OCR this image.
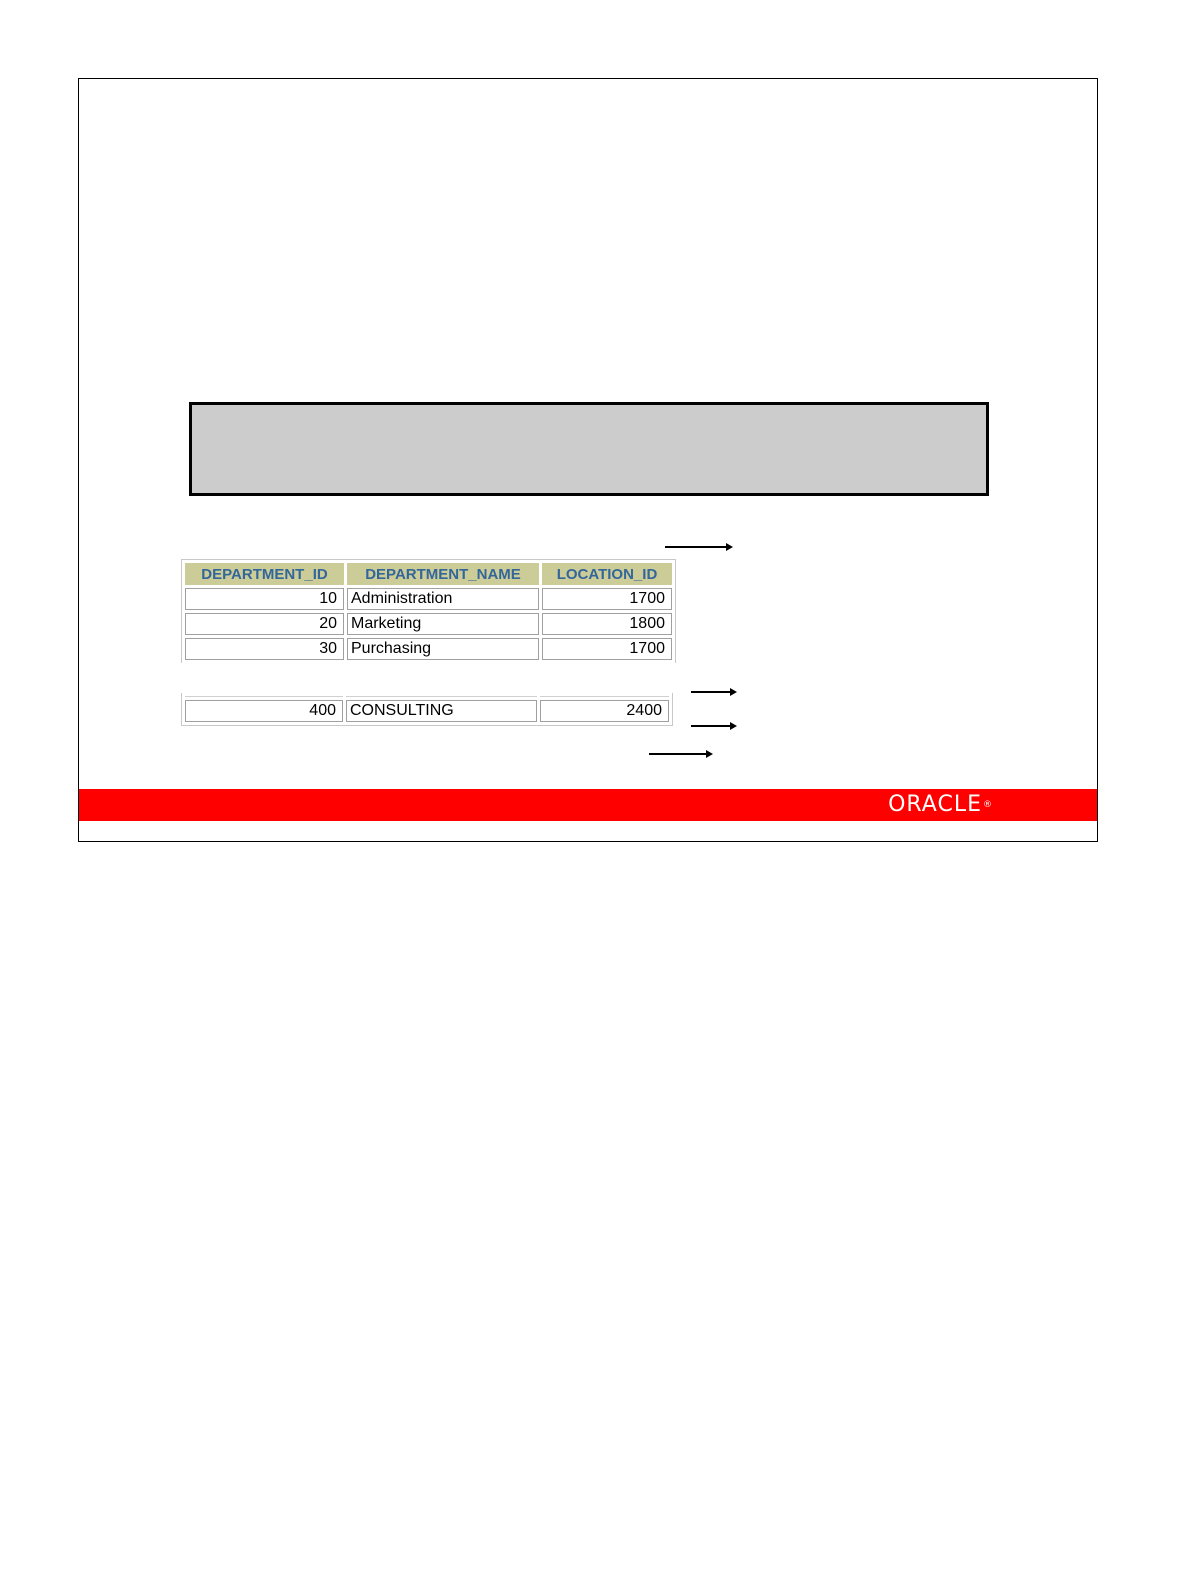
DEPARTMENT_ID	DEPARTMENT_NAME	LOCATION_ID
10	Administration	1700
20	Marketing	1800
30	Purchasing	1700

400	CONSULTING	2400
ORACLE®
